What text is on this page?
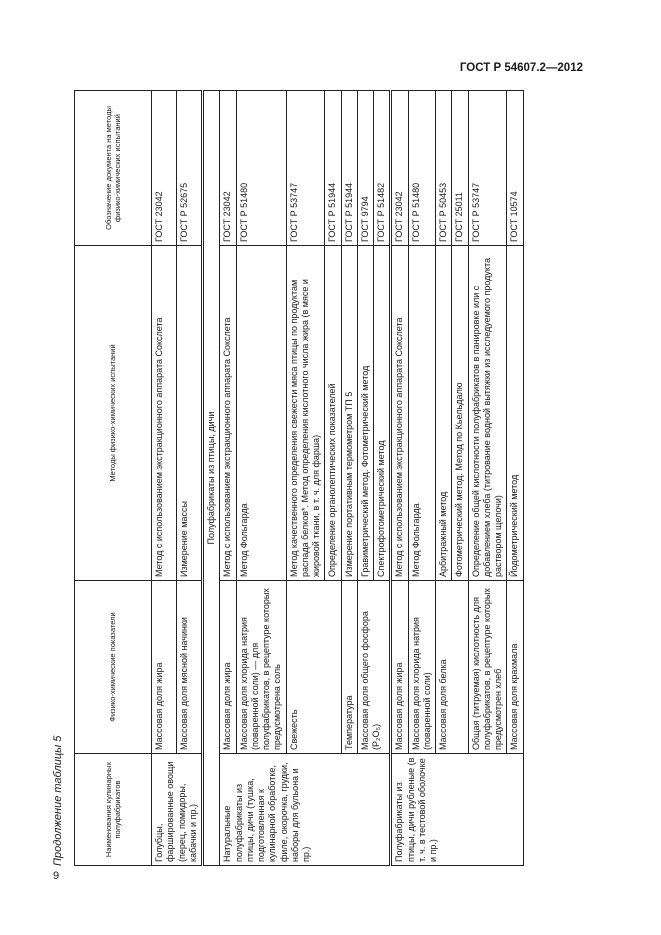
ГОСТ Р 54607.2—2012
Продолжение таблицы 5	Наименования кулинарных полуфабрикатов	Физико-химические показатели	Методы физико-химических испытаний	Обозначение документа на методы физико-химических испытаний
Голубцы, фаршированные овощи (перец, помидоры, кабачки и пр.)	Массовая доля жира	Метод с использованием экстракционного аппарата Сокслета	ГОСТ 23042
	Массовая доля мясной начинки	Измерение массы	ГОСТ Р 52675
Полуфабрикаты из птицы, дичи			
Натуральные полуфабрикаты из птицы, дичи (тушка, подготовленная к кулинарной обработке, филе, окорочка, грудки, наборы для бульона и пр.)	Массовая доля жира	Метод с использованием экстракционного аппарата Сокслета	ГОСТ 23042
	Массовая доля хлорида натрия (поваренной соли) — для полуфабрикатов, в рецептуре которых предусмотрена соль	Метод Фольгарда	ГОСТ Р 51480
	Свежесть	Метод качественного определения свежести мяса птицы по продуктам распада белков*. Метод определения кислотного числа жира (в мясе и жировой ткани, в т. ч. для фарша)	ГОСТ Р 53747
		Определение органолептических показателей	ГОСТ Р 51944
	Температура	Измерение портативным термометром ТП 5	ГОСТ Р 51944
	Массовая доля общего фосфора (P₂O₅)	Гравиметрический метод. Фотометрический метод	ГОСТ 9794
		Спектрофотометрический метод	ГОСТ Р 51482
Полуфабрикаты из птицы, дичи рубленые (в т. ч. в тестовой оболочке и пр.)	Массовая доля жира	Метод с использованием экстракционного аппарата Сокслета	ГОСТ 23042
	Массовая доля хлорида натрия (поваренной соли)	Метод Фольгарда	ГОСТ Р 51480
	Массовая доля белка	Арбитражный метод	ГОСТ Р 50453
		Фотометрический метод. Метод по Кьельдалю	ГОСТ 25011
	Общая (титруемая) кислотность для полуфабрикатов, в рецептуре которых предусмотрен хлеб	Определение общей кислотности полуфабрикатов в панировке или с добавлением хлеба (титрование водной вытяжки из исследуемого продукта раствором щелочи)	ГОСТ Р 53747
	Массовая доля крахмала	Йодометрический метод	ГОСТ 10574
9
